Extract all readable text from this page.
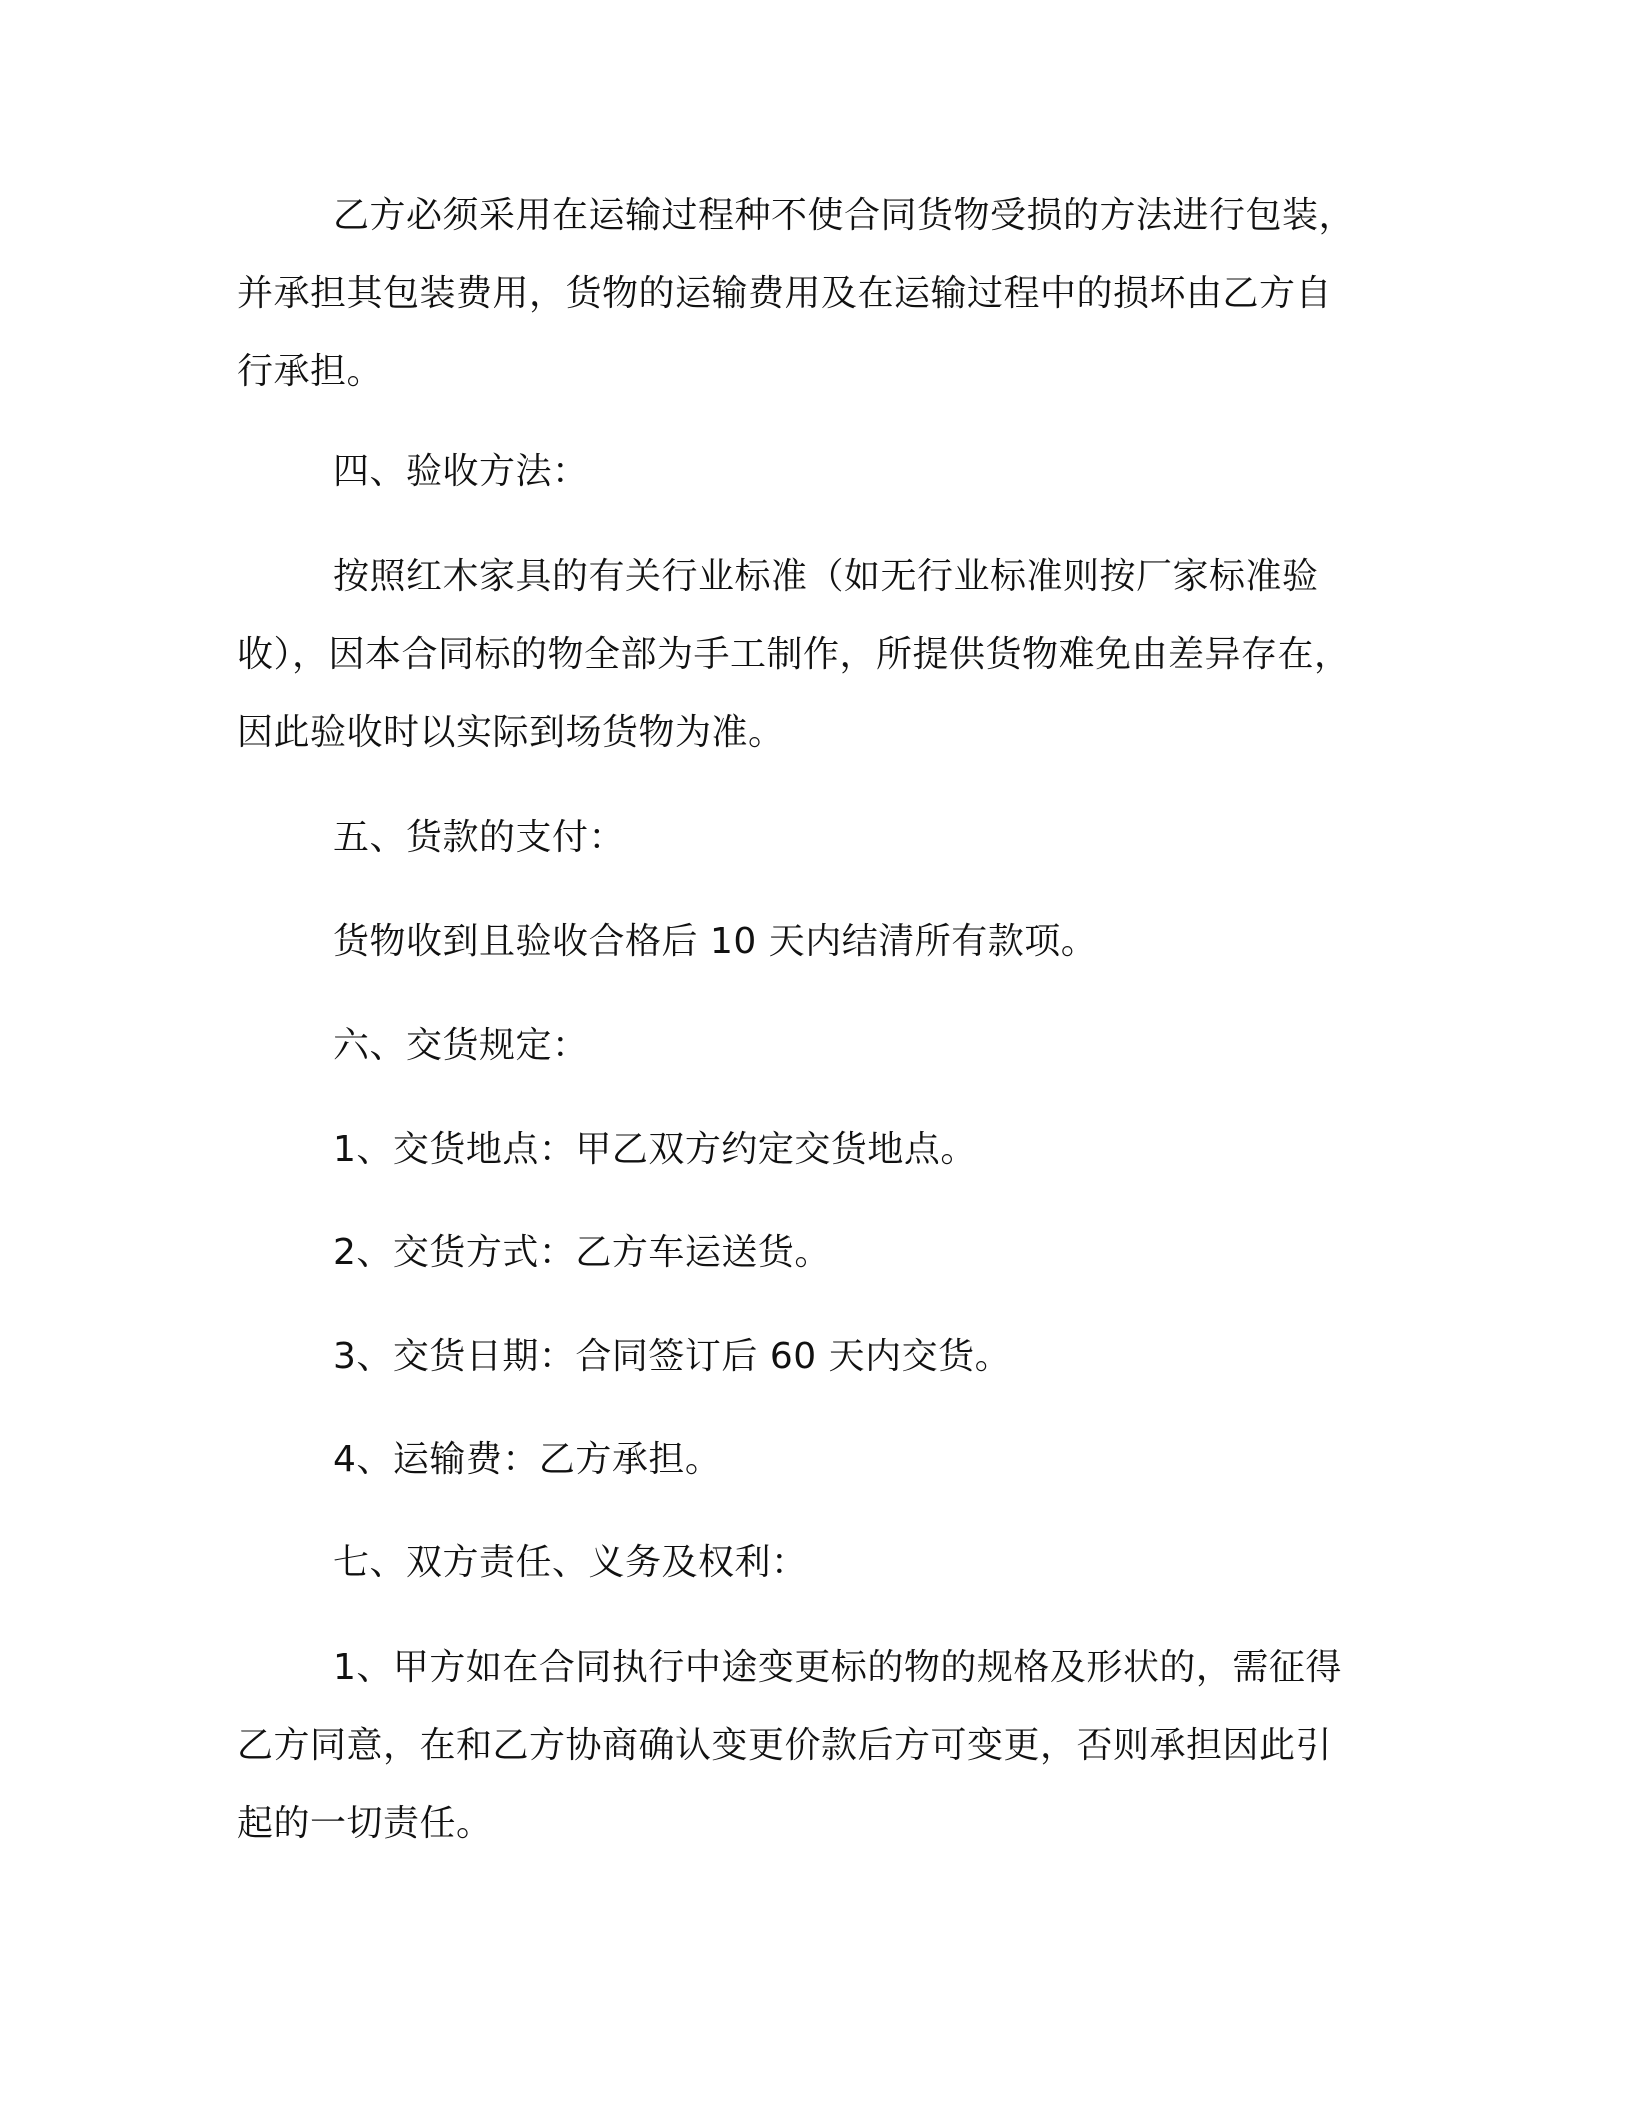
乙方必须采用在运输过程种不使合同货物受损的方法进行包装，

并承担其包装费用，货物的运输费用及在运输过程中的损坏由乙方自

行承担。

四、验收方法：

按照红木家具的有关行业标准（如无行业标准则按厂家标准验

收），因本合同标的物全部为手工制作，所提供货物难免由差异存在，

因此验收时以实际到场货物为准。

五、货款的支付：

货物收到且验收合格后 10 天内结清所有款项。

六、交货规定：

1、交货地点：甲乙双方约定交货地点。

2、交货方式：乙方车运送货。

3、交货日期：合同签订后 60 天内交货。

4、运输费：乙方承担。

七、双方责任、义务及权利：

1、甲方如在合同执行中途变更标的物的规格及形状的，需征得

乙方同意，在和乙方协商确认变更价款后方可变更，否则承担因此引

起的一切责任。
